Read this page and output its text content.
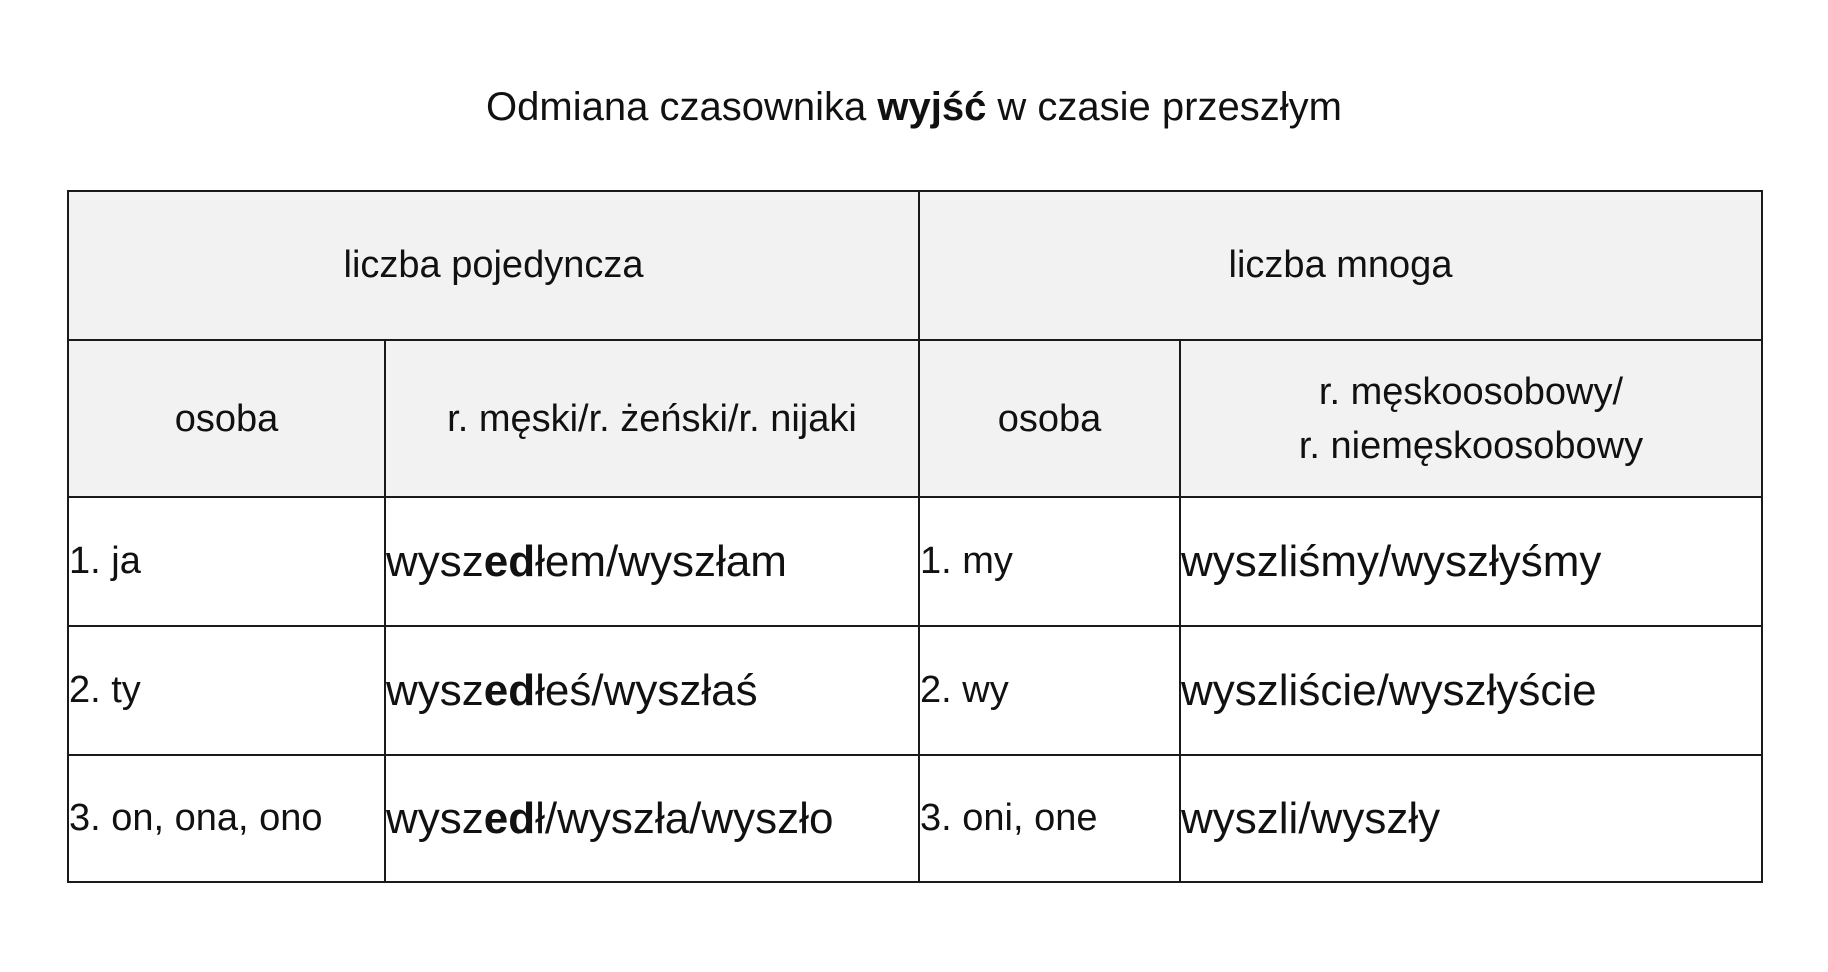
Odmiana czasownika wyjść w czasie przeszłym
liczba pojedyncza		liczba mnoga	
osoba	r. męski/r. żeński/r. nijaki	osoba	r. męskoosobowy/
r. niemęskoosobowy

1. ja	wyszedłem/wyszłam	1. my	wyszliśmy/wyszłyśmy
2. ty	wyszedłeś/wyszłaś	2. wy	wyszliście/wyszłyście
3. on, ona, ono	wyszedł/wyszła/wyszło	3. oni, one	wyszli/wyszły
